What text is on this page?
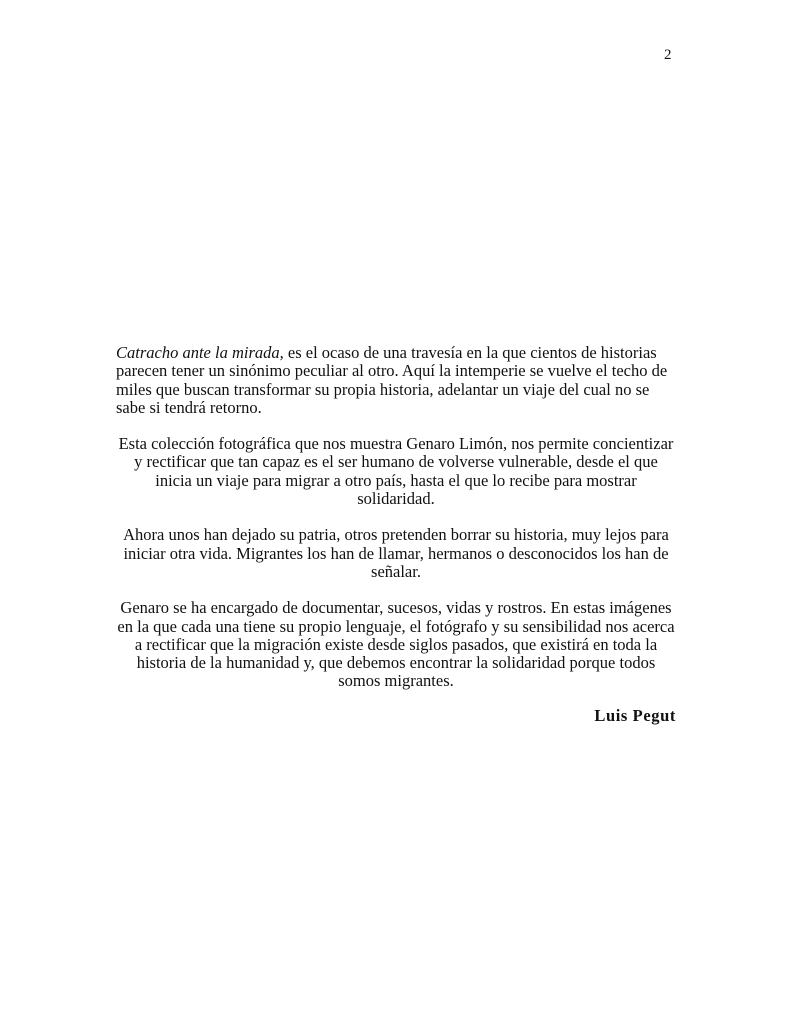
2

Catracho ante la mirada, es el ocaso de una travesía en la que cientos de historias parecen tener un sinónimo peculiar al otro. Aquí la intemperie se vuelve el techo de miles que buscan transformar su propia historia, adelantar un viaje del cual no se sabe si tendrá retorno.

Esta colección fotográfica que nos muestra Genaro Limón, nos permite concientizar y rectificar que tan capaz es el ser humano de volverse vulnerable, desde el que inicia un viaje para migrar a otro país, hasta el que lo recibe para mostrar solidaridad.

Ahora unos han dejado su patria, otros pretenden borrar su historia, muy lejos para iniciar otra vida. Migrantes los han de llamar, hermanos o desconocidos los han de señalar.

Genaro se ha encargado de documentar, sucesos, vidas y rostros. En estas imágenes en la que cada una tiene su propio lenguaje, el fotógrafo y su sensibilidad nos acerca a rectificar que la migración existe desde siglos pasados, que existirá en toda la historia de la humanidad y, que debemos encontrar la solidaridad porque todos somos migrantes.

Luis Pegut
